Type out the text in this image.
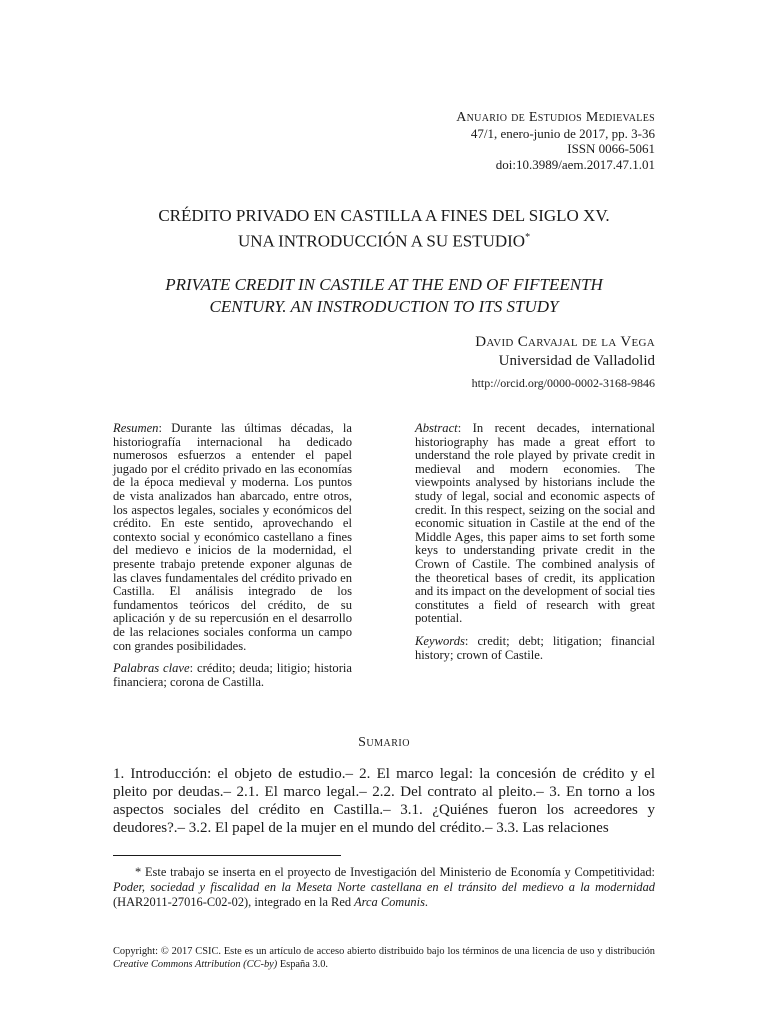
Anuario de Estudios Medievales
47/1, enero-junio de 2017, pp. 3-36
ISSN 0066-5061
doi:10.3989/aem.2017.47.1.01
CRÉDITO PRIVADO EN CASTILLA A FINES DEL SIGLO XV.
UNA INTRODUCCIÓN A SU ESTUDIO*
PRIVATE CREDIT IN CASTILE AT THE END OF FIFTEENTH
CENTURY. AN INSTRODUCTION TO ITS STUDY
David Carvajal de la Vega
Universidad de Valladolid
http://orcid.org/0000-0002-3168-9846

Resumen: Durante las últimas décadas, la historiografía internacional ha dedicado numerosos esfuerzos a entender el papel jugado por el crédito privado en las economías de la época medieval y moderna. Los puntos de vista analizados han abarcado, entre otros, los aspectos legales, sociales y económicos del crédito. En este sentido, aprovechando el contexto social y económico castellano a fines del medievo e inicios de la modernidad, el presente trabajo pretende exponer algunas de las claves fundamentales del crédito privado en Castilla. El análisis integrado de los fundamentos teóricos del crédito, de su aplicación y de su repercusión en el desarrollo de las relaciones sociales conforma un campo con grandes posibilidades.

Palabras clave: crédito; deuda; litigio; historia financiera; corona de Castilla.

Abstract: In recent decades, international historiography has made a great effort to understand the role played by private credit in medieval and modern economies. The viewpoints analysed by historians include the study of legal, social and economic aspects of credit. In this respect, seizing on the social and economic situation in Castile at the end of the Middle Ages, this paper aims to set forth some keys to understanding private credit in the Crown of Castile. The combined analysis of the theoretical bases of credit, its application and its impact on the development of social ties constitutes a field of research with great potential.

Keywords: credit; debt; litigation; financial history; crown of Castile.

Sumario
1. Introducción: el objeto de estudio.– 2. El marco legal: la concesión de crédito y el pleito por deudas.– 2.1. El marco legal.– 2.2. Del contrato al pleito.– 3. En torno a los aspectos sociales del crédito en Castilla.– 3.1. ¿Quiénes fueron los acreedores y deudores?.– 3.2. El papel de la mujer en el mundo del crédito.– 3.3. Las relaciones
* Este trabajo se inserta en el proyecto de Investigación del Ministerio de Economía y Competitividad: Poder, sociedad y fiscalidad en la Meseta Norte castellana en el tránsito del medievo a la modernidad (HAR2011-27016-C02-02), integrado en la Red Arca Comunis.
Copyright: © 2017 CSIC. Este es un artículo de acceso abierto distribuido bajo los términos de una licencia de uso y distribución Creative Commons Attribution (CC-by) España 3.0.
